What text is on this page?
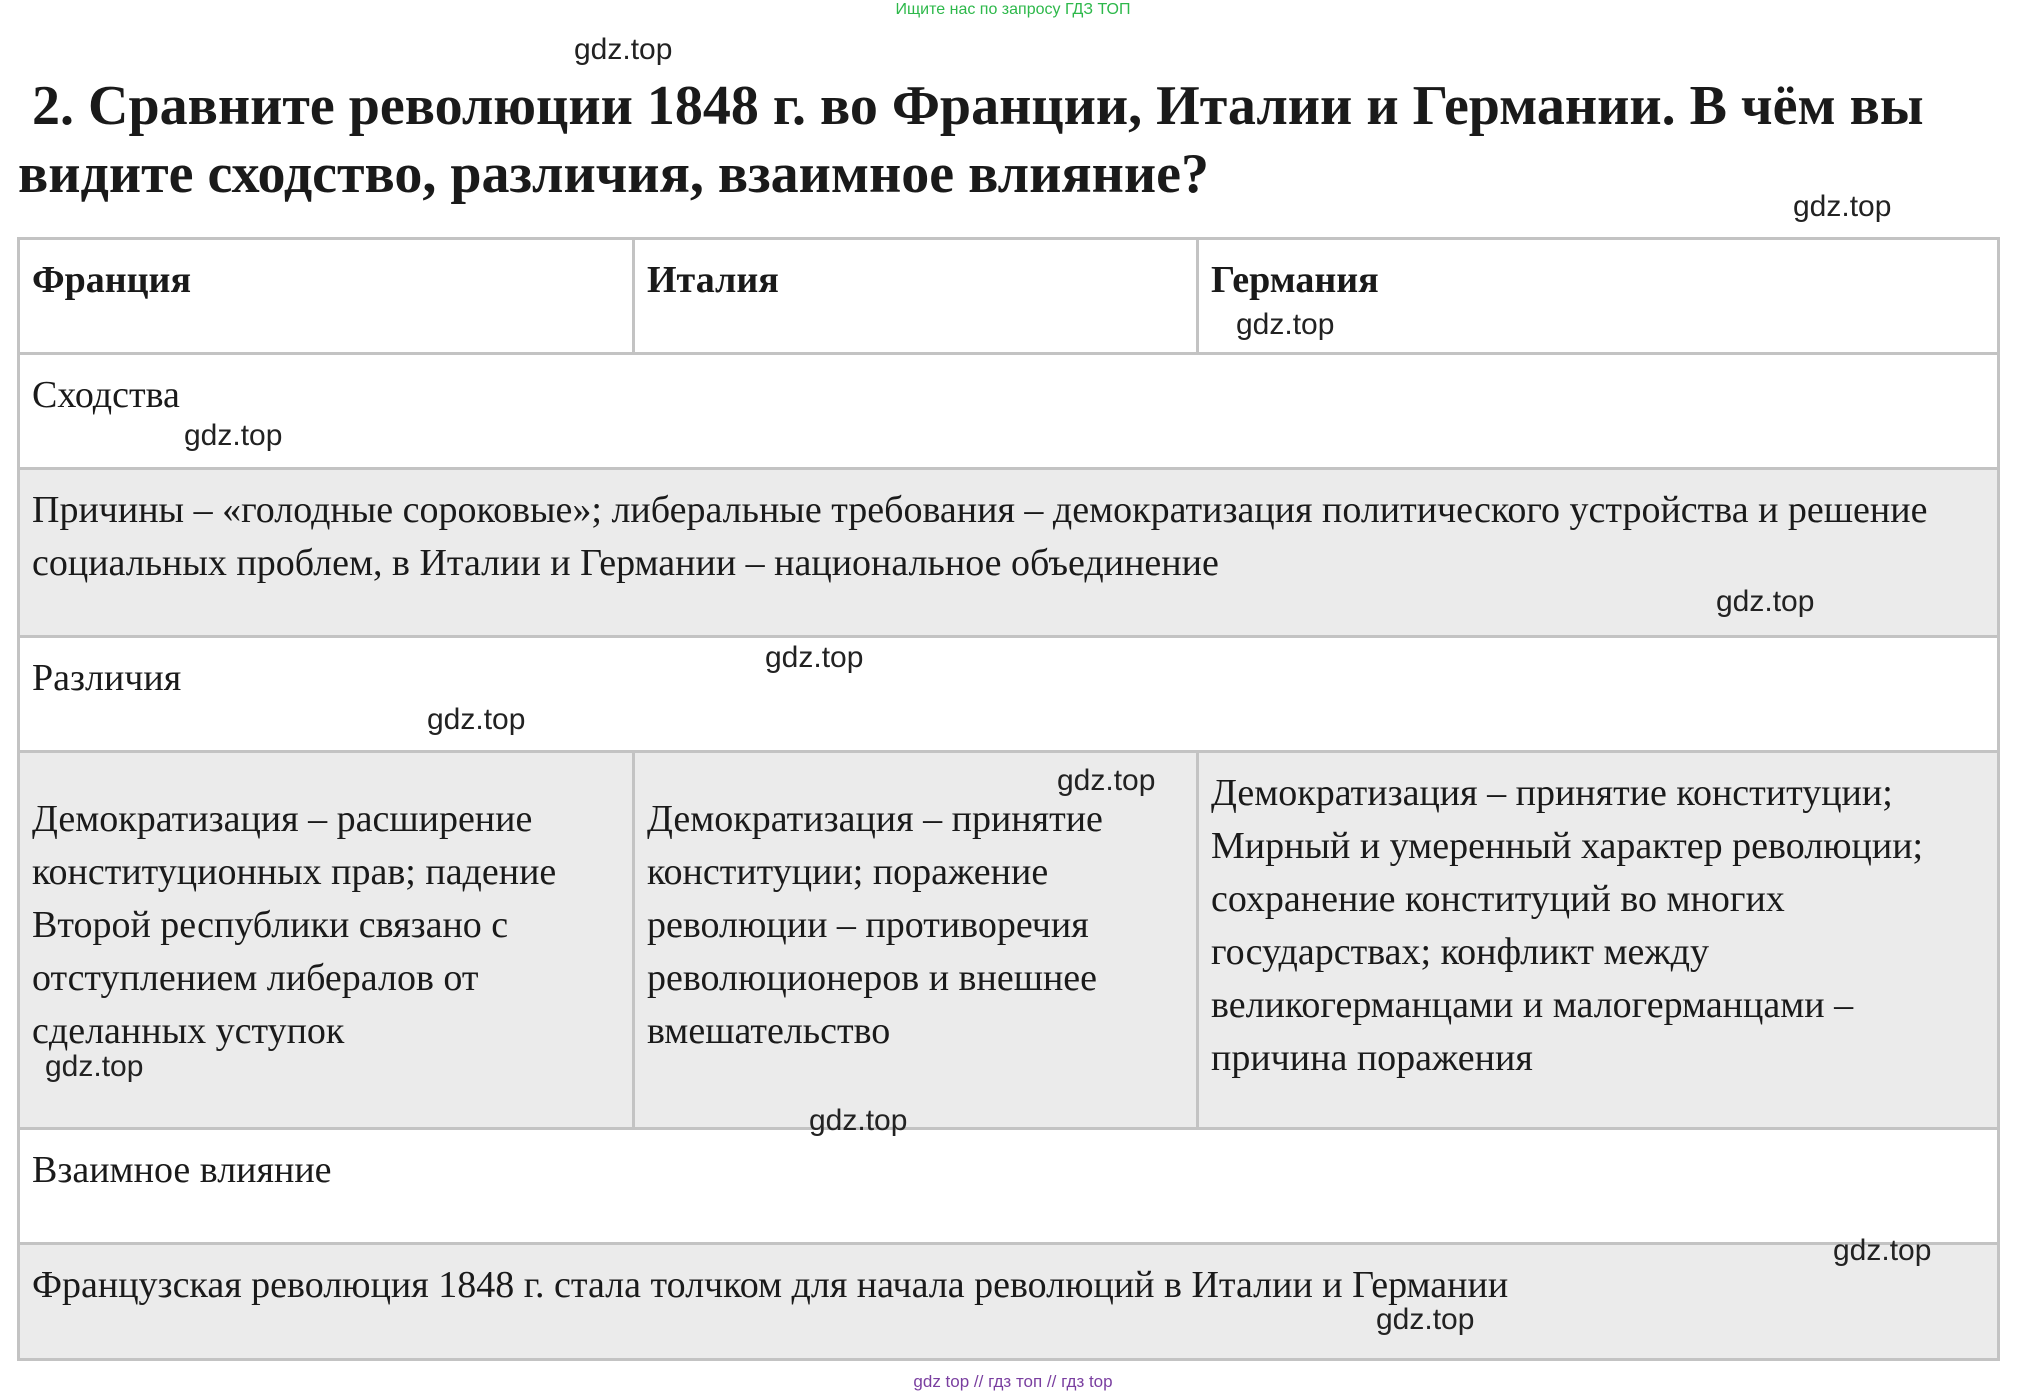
Ищите нас по запросу ГДЗ ТОП
2. Сравните революции 1848 г. во Франции, Италии и Германии. В чём вы видите сходство, различия, взаимное влияние?
Франция	Италия	Германия
Сходства		
Причины – «голодные сороковые»; либеральные требования – демократизация политического устройства и решение социальных проблем, в Италии и Германии – национальное объединение		
Различия		
Демократизация – расширение конституционных прав; падение Второй республики связано с отступлением либералов от сделанных уступок	Демократизация – принятие конституции; поражение революции – противоречия революционеров и внешнее вмешательство	Демократизация – принятие конституции; Мирный и умеренный характер революции; сохранение конституций во многих государствах; конфликт между великогерманцами и малогерманцами – причина поражения
Взаимное влияние		
Французская революция 1848 г. стала толчком для начала революций в Италии и Германии		
gdz.top
gdz.top
gdz.top
gdz.top
gdz.top
gdz.top
gdz.top
gdz.top
gdz.top
gdz.top
gdz.top
gdz.top
gdz top // гдз топ // гдз top
